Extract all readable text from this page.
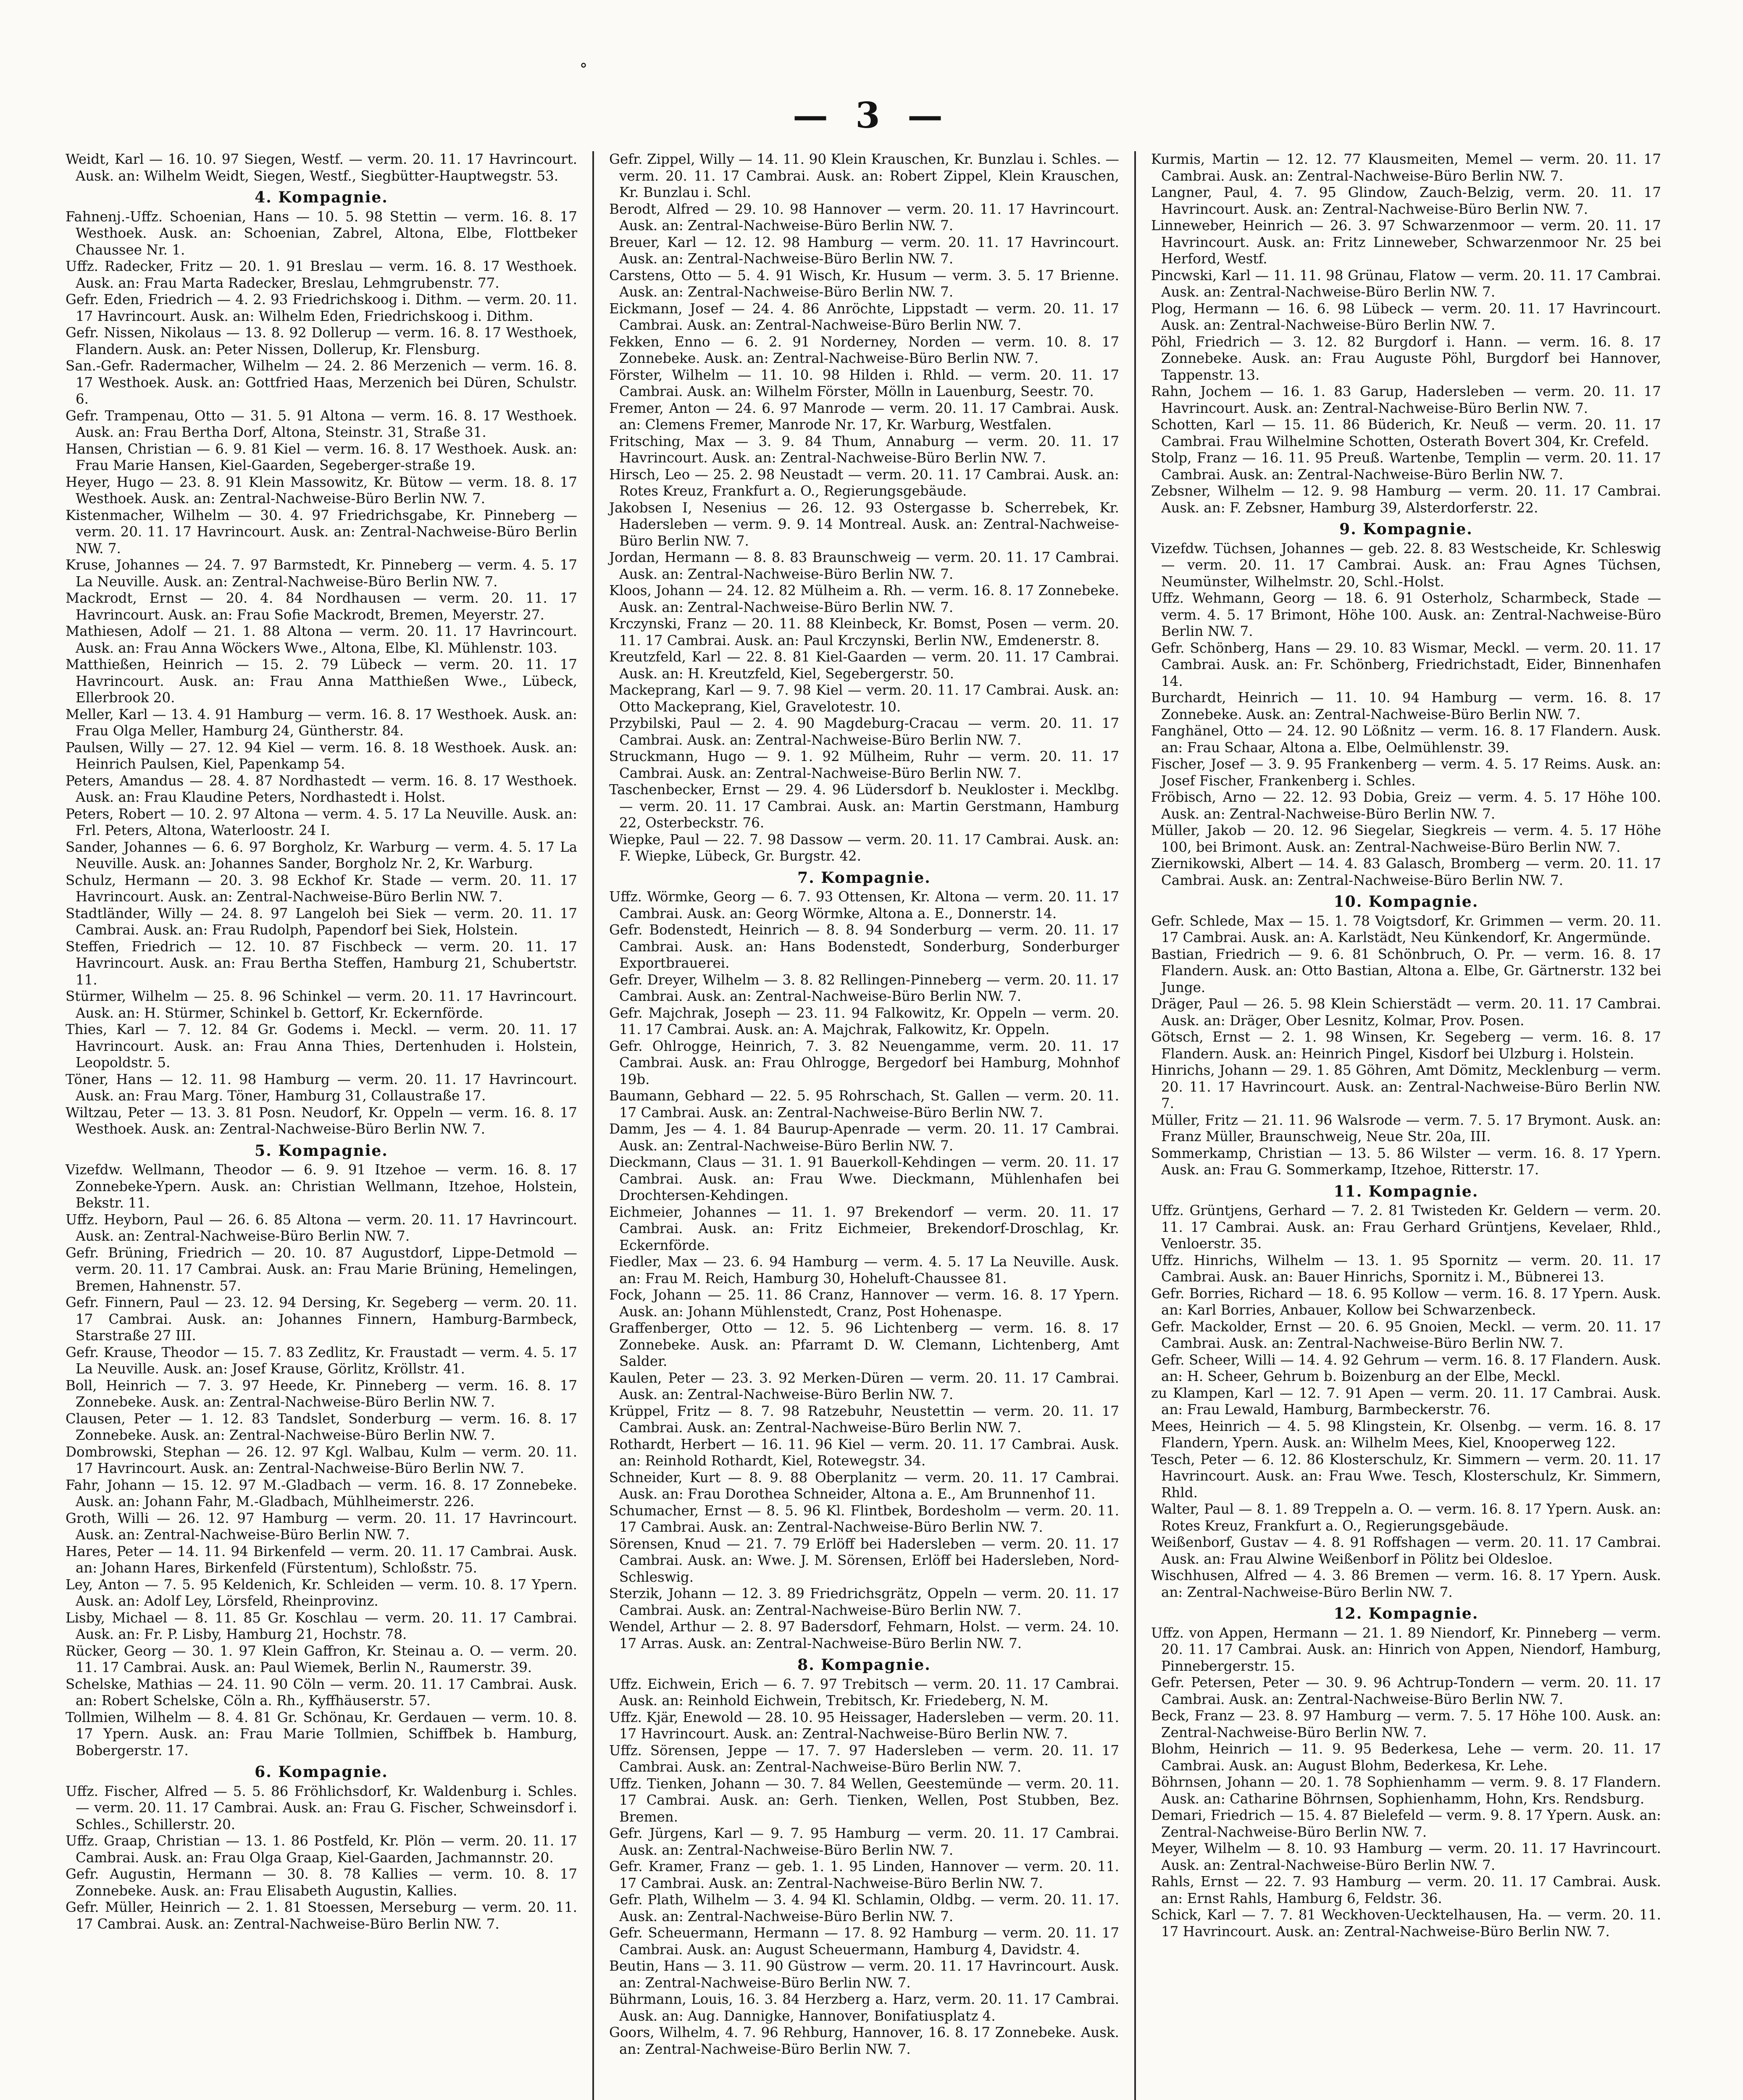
°
— 3 —

Weidt, Karl — 16. 10. 97 Siegen, Westf. — verm. 20. 11. 17 Havrincourt. Ausk. an: Wilhelm Weidt, Siegen, Westf., Siegbütter-Hauptwegstr. 53.

4. Kompagnie.

Fahnenj.-Uffz. Schoenian, Hans — 10. 5. 98 Stettin — verm. 16. 8. 17 Westhoek. Ausk. an: Schoenian, Zabrel, Altona, Elbe, Flottbeker Chaussee Nr. 1.

Uffz. Radecker, Fritz — 20. 1. 91 Breslau — verm. 16. 8. 17 Westhoek. Ausk. an: Frau Marta Radecker, Breslau, Lehmgrubenstr. 77.

Gefr. Eden, Friedrich — 4. 2. 93 Friedrichskoog i. Dithm. — verm. 20. 11. 17 Havrincourt. Ausk. an: Wilhelm Eden, Friedrichskoog i. Dithm.

Gefr. Nissen, Nikolaus — 13. 8. 92 Dollerup — verm. 16. 8. 17 Westhoek, Flandern. Ausk. an: Peter Nissen, Dollerup, Kr. Flensburg.

San.-Gefr. Radermacher, Wilhelm — 24. 2. 86 Merzenich — verm. 16. 8. 17 Westhoek. Ausk. an: Gottfried Haas, Merzenich bei Düren, Schulstr. 6.

Gefr. Trampenau, Otto — 31. 5. 91 Altona — verm. 16. 8. 17 Westhoek. Ausk. an: Frau Bertha Dorf, Altona, Steinstr. 31, Straße 31.

Hansen, Christian — 6. 9. 81 Kiel — verm. 16. 8. 17 Westhoek. Ausk. an: Frau Marie Hansen, Kiel-Gaarden, Segeberger-straße 19.

Heyer, Hugo — 23. 8. 91 Klein Massowitz, Kr. Bütow — verm. 18. 8. 17 Westhoek. Ausk. an: Zentral-Nachweise-Büro Berlin NW. 7.

Kistenmacher, Wilhelm — 30. 4. 97 Friedrichsgabe, Kr. Pinneberg — verm. 20. 11. 17 Havrincourt. Ausk. an: Zentral-Nachweise-Büro Berlin NW. 7.

Kruse, Johannes — 24. 7. 97 Barmstedt, Kr. Pinneberg — verm. 4. 5. 17 La Neuville. Ausk. an: Zentral-Nachweise-Büro Berlin NW. 7.

Mackrodt, Ernst — 20. 4. 84 Nordhausen — verm. 20. 11. 17 Havrincourt. Ausk. an: Frau Sofie Mackrodt, Bremen, Meyerstr. 27.

Mathiesen, Adolf — 21. 1. 88 Altona — verm. 20. 11. 17 Havrincourt. Ausk. an: Frau Anna Wöckers Wwe., Altona, Elbe, Kl. Mühlenstr. 103.

Matthießen, Heinrich — 15. 2. 79 Lübeck — verm. 20. 11. 17 Havrincourt. Ausk. an: Frau Anna Matthießen Wwe., Lübeck, Ellerbrook 20.

Meller, Karl — 13. 4. 91 Hamburg — verm. 16. 8. 17 Westhoek. Ausk. an: Frau Olga Meller, Hamburg 24, Güntherstr. 84.

Paulsen, Willy — 27. 12. 94 Kiel — verm. 16. 8. 18 Westhoek. Ausk. an: Heinrich Paulsen, Kiel, Papenkamp 54.

Peters, Amandus — 28. 4. 87 Nordhastedt — verm. 16. 8. 17 Westhoek. Ausk. an: Frau Klaudine Peters, Nordhastedt i. Holst.

Peters, Robert — 10. 2. 97 Altona — verm. 4. 5. 17 La Neuville. Ausk. an: Frl. Peters, Altona, Waterloostr. 24 I.

Sander, Johannes — 6. 6. 97 Borgholz, Kr. Warburg — verm. 4. 5. 17 La Neuville. Ausk. an: Johannes Sander, Borgholz Nr. 2, Kr. Warburg.

Schulz, Hermann — 20. 3. 98 Eckhof Kr. Stade — verm. 20. 11. 17 Havrincourt. Ausk. an: Zentral-Nachweise-Büro Berlin NW. 7.

Stadtländer, Willy — 24. 8. 97 Langeloh bei Siek — verm. 20. 11. 17 Cambrai. Ausk. an: Frau Rudolph, Papendorf bei Siek, Holstein.

Steffen, Friedrich — 12. 10. 87 Fischbeck — verm. 20. 11. 17 Havrincourt. Ausk. an: Frau Bertha Steffen, Hamburg 21, Schubertstr. 11.

Stürmer, Wilhelm — 25. 8. 96 Schinkel — verm. 20. 11. 17 Havrincourt. Ausk. an: H. Stürmer, Schinkel b. Gettorf, Kr. Eckernförde.

Thies, Karl — 7. 12. 84 Gr. Godems i. Meckl. — verm. 20. 11. 17 Havrincourt. Ausk. an: Frau Anna Thies, Dertenhuden i. Holstein, Leopoldstr. 5.

Töner, Hans — 12. 11. 98 Hamburg — verm. 20. 11. 17 Havrincourt. Ausk. an: Frau Marg. Töner, Hamburg 31, Collaustraße 17.

Wiltzau, Peter — 13. 3. 81 Posn. Neudorf, Kr. Oppeln — verm. 16. 8. 17 Westhoek. Ausk. an: Zentral-Nachweise-Büro Berlin NW. 7.

5. Kompagnie.

Vizefdw. Wellmann, Theodor — 6. 9. 91 Itzehoe — verm. 16. 8. 17 Zonnebeke-Ypern. Ausk. an: Christian Wellmann, Itzehoe, Holstein, Bekstr. 11.

Uffz. Heyborn, Paul — 26. 6. 85 Altona — verm. 20. 11. 17 Havrincourt. Ausk. an: Zentral-Nachweise-Büro Berlin NW. 7.

Gefr. Brüning, Friedrich — 20. 10. 87 Augustdorf, Lippe-Detmold — verm. 20. 11. 17 Cambrai. Ausk. an: Frau Marie Brüning, Hemelingen, Bremen, Hahnenstr. 57.

Gefr. Finnern, Paul — 23. 12. 94 Dersing, Kr. Segeberg — verm. 20. 11. 17 Cambrai. Ausk. an: Johannes Finnern, Hamburg-Barmbeck, Starstraße 27 III.

Gefr. Krause, Theodor — 15. 7. 83 Zedlitz, Kr. Fraustadt — verm. 4. 5. 17 La Neuville. Ausk. an: Josef Krause, Görlitz, Kröllstr. 41.

Boll, Heinrich — 7. 3. 97 Heede, Kr. Pinneberg — verm. 16. 8. 17 Zonnebeke. Ausk. an: Zentral-Nachweise-Büro Berlin NW. 7.

Clausen, Peter — 1. 12. 83 Tandslet, Sonderburg — verm. 16. 8. 17 Zonnebeke. Ausk. an: Zentral-Nachweise-Büro Berlin NW. 7.

Dombrowski, Stephan — 26. 12. 97 Kgl. Walbau, Kulm — verm. 20. 11. 17 Havrincourt. Ausk. an: Zentral-Nachweise-Büro Berlin NW. 7.

Fahr, Johann — 15. 12. 97 M.-Gladbach — verm. 16. 8. 17 Zonnebeke. Ausk. an: Johann Fahr, M.-Gladbach, Mühlheimerstr. 226.

Groth, Willi — 26. 12. 97 Hamburg — verm. 20. 11. 17 Havrincourt. Ausk. an: Zentral-Nachweise-Büro Berlin NW. 7.

Hares, Peter — 14. 11. 94 Birkenfeld — verm. 20. 11. 17 Cambrai. Ausk. an: Johann Hares, Birkenfeld (Fürstentum), Schloßstr. 75.

Ley, Anton — 7. 5. 95 Keldenich, Kr. Schleiden — verm. 10. 8. 17 Ypern. Ausk. an: Adolf Ley, Lörsfeld, Rheinprovinz.

Lisby, Michael — 8. 11. 85 Gr. Koschlau — verm. 20. 11. 17 Cambrai. Ausk. an: Fr. P. Lisby, Hamburg 21, Hochstr. 78.

Rücker, Georg — 30. 1. 97 Klein Gaffron, Kr. Steinau a. O. — verm. 20. 11. 17 Cambrai. Ausk. an: Paul Wiemek, Berlin N., Raumerstr. 39.

Schelske, Mathias — 24. 11. 90 Cöln — verm. 20. 11. 17 Cambrai. Ausk. an: Robert Schelske, Cöln a. Rh., Kyffhäuserstr. 57.

Tollmien, Wilhelm — 8. 4. 81 Gr. Schönau, Kr. Gerdauen — verm. 10. 8. 17 Ypern. Ausk. an: Frau Marie Tollmien, Schiffbek b. Hamburg, Bobergerstr. 17.

6. Kompagnie.

Uffz. Fischer, Alfred — 5. 5. 86 Fröhlichsdorf, Kr. Waldenburg i. Schles. — verm. 20. 11. 17 Cambrai. Ausk. an: Frau G. Fischer, Schweinsdorf i. Schles., Schillerstr. 20.

Uffz. Graap, Christian — 13. 1. 86 Postfeld, Kr. Plön — verm. 20. 11. 17 Cambrai. Ausk. an: Frau Olga Graap, Kiel-Gaarden, Jachmannstr. 20.

Gefr. Augustin, Hermann — 30. 8. 78 Kallies — verm. 10. 8. 17 Zonnebeke. Ausk. an: Frau Elisabeth Augustin, Kallies.

Gefr. Müller, Heinrich — 2. 1. 81 Stoessen, Merseburg — verm. 20. 11. 17 Cambrai. Ausk. an: Zentral-Nachweise-Büro Berlin NW. 7.

Gefr. Zippel, Willy — 14. 11. 90 Klein Krauschen, Kr. Bunzlau i. Schles. — verm. 20. 11. 17 Cambrai. Ausk. an: Robert Zippel, Klein Krauschen, Kr. Bunzlau i. Schl.

Berodt, Alfred — 29. 10. 98 Hannover — verm. 20. 11. 17 Havrincourt. Ausk. an: Zentral-Nachweise-Büro Berlin NW. 7.

Breuer, Karl — 12. 12. 98 Hamburg — verm. 20. 11. 17 Havrincourt. Ausk. an: Zentral-Nachweise-Büro Berlin NW. 7.

Carstens, Otto — 5. 4. 91 Wisch, Kr. Husum — verm. 3. 5. 17 Brienne. Ausk. an: Zentral-Nachweise-Büro Berlin NW. 7.

Eickmann, Josef — 24. 4. 86 Anröchte, Lippstadt — verm. 20. 11. 17 Cambrai. Ausk. an: Zentral-Nachweise-Büro Berlin NW. 7.

Fekken, Enno — 6. 2. 91 Norderney, Norden — verm. 10. 8. 17 Zonnebeke. Ausk. an: Zentral-Nachweise-Büro Berlin NW. 7.

Förster, Wilhelm — 11. 10. 98 Hilden i. Rhld. — verm. 20. 11. 17 Cambrai. Ausk. an: Wilhelm Förster, Mölln in Lauenburg, Seestr. 70.

Fremer, Anton — 24. 6. 97 Manrode — verm. 20. 11. 17 Cambrai. Ausk. an: Clemens Fremer, Manrode Nr. 17, Kr. Warburg, Westfalen.

Fritsching, Max — 3. 9. 84 Thum, Annaburg — verm. 20. 11. 17 Havrincourt. Ausk. an: Zentral-Nachweise-Büro Berlin NW. 7.

Hirsch, Leo — 25. 2. 98 Neustadt — verm. 20. 11. 17 Cambrai. Ausk. an: Rotes Kreuz, Frankfurt a. O., Regierungsgebäude.

Jakobsen I, Nesenius — 26. 12. 93 Ostergasse b. Scherrebek, Kr. Hadersleben — verm. 9. 9. 14 Montreal. Ausk. an: Zentral-Nachweise-Büro Berlin NW. 7.

Jordan, Hermann — 8. 8. 83 Braunschweig — verm. 20. 11. 17 Cambrai. Ausk. an: Zentral-Nachweise-Büro Berlin NW. 7.

Kloos, Johann — 24. 12. 82 Mülheim a. Rh. — verm. 16. 8. 17 Zonnebeke. Ausk. an: Zentral-Nachweise-Büro Berlin NW. 7.

Krczynski, Franz — 20. 11. 88 Kleinbeck, Kr. Bomst, Posen — verm. 20. 11. 17 Cambrai. Ausk. an: Paul Krczynski, Berlin NW., Emdenerstr. 8.

Kreutzfeld, Karl — 22. 8. 81 Kiel-Gaarden — verm. 20. 11. 17 Cambrai. Ausk. an: H. Kreutzfeld, Kiel, Segebergerstr. 50.

Mackeprang, Karl — 9. 7. 98 Kiel — verm. 20. 11. 17 Cambrai. Ausk. an: Otto Mackeprang, Kiel, Gravelotestr. 10.

Przybilski, Paul — 2. 4. 90 Magdeburg-Cracau — verm. 20. 11. 17 Cambrai. Ausk. an: Zentral-Nachweise-Büro Berlin NW. 7.

Struckmann, Hugo — 9. 1. 92 Mülheim, Ruhr — verm. 20. 11. 17 Cambrai. Ausk. an: Zentral-Nachweise-Büro Berlin NW. 7.

Taschenbecker, Ernst — 29. 4. 96 Lüdersdorf b. Neukloster i. Mecklbg. — verm. 20. 11. 17 Cambrai. Ausk. an: Martin Gerstmann, Hamburg 22, Osterbeckstr. 76.

Wiepke, Paul — 22. 7. 98 Dassow — verm. 20. 11. 17 Cambrai. Ausk. an: F. Wiepke, Lübeck, Gr. Burgstr. 42.

7. Kompagnie.

Uffz. Wörmke, Georg — 6. 7. 93 Ottensen, Kr. Altona — verm. 20. 11. 17 Cambrai. Ausk. an: Georg Wörmke, Altona a. E., Donnerstr. 14.

Gefr. Bodenstedt, Heinrich — 8. 8. 94 Sonderburg — verm. 20. 11. 17 Cambrai. Ausk. an: Hans Bodenstedt, Sonderburg, Sonderburger Exportbrauerei.

Gefr. Dreyer, Wilhelm — 3. 8. 82 Rellingen-Pinneberg — verm. 20. 11. 17 Cambrai. Ausk. an: Zentral-Nachweise-Büro Berlin NW. 7.

Gefr. Majchrak, Joseph — 23. 11. 94 Falkowitz, Kr. Oppeln — verm. 20. 11. 17 Cambrai. Ausk. an: A. Majchrak, Falkowitz, Kr. Oppeln.

Gefr. Ohlrogge, Heinrich, 7. 3. 82 Neuengamme, verm. 20. 11. 17 Cambrai. Ausk. an: Frau Ohlrogge, Bergedorf bei Hamburg, Mohnhof 19b.

Baumann, Gebhard — 22. 5. 95 Rohrschach, St. Gallen — verm. 20. 11. 17 Cambrai. Ausk. an: Zentral-Nachweise-Büro Berlin NW. 7.

Damm, Jes — 4. 1. 84 Baurup-Apenrade — verm. 20. 11. 17 Cambrai. Ausk. an: Zentral-Nachweise-Büro Berlin NW. 7.

Dieckmann, Claus — 31. 1. 91 Bauerkoll-Kehdingen — verm. 20. 11. 17 Cambrai. Ausk. an: Frau Wwe. Dieckmann, Mühlenhafen bei Drochtersen-Kehdingen.

Eichmeier, Johannes — 11. 1. 97 Brekendorf — verm. 20. 11. 17 Cambrai. Ausk. an: Fritz Eichmeier, Brekendorf-Droschlag, Kr. Eckernförde.

Fiedler, Max — 23. 6. 94 Hamburg — verm. 4. 5. 17 La Neuville. Ausk. an: Frau M. Reich, Hamburg 30, Hoheluft-Chaussee 81.

Fock, Johann — 25. 11. 86 Cranz, Hannover — verm. 16. 8. 17 Ypern. Ausk. an: Johann Mühlenstedt, Cranz, Post Hohenaspe.

Graffenberger, Otto — 12. 5. 96 Lichtenberg — verm. 16. 8. 17 Zonnebeke. Ausk. an: Pfarramt D. W. Clemann, Lichtenberg, Amt Salder.

Kaulen, Peter — 23. 3. 92 Merken-Düren — verm. 20. 11. 17 Cambrai. Ausk. an: Zentral-Nachweise-Büro Berlin NW. 7.

Krüppel, Fritz — 8. 7. 98 Ratzebuhr, Neustettin — verm. 20. 11. 17 Cambrai. Ausk. an: Zentral-Nachweise-Büro Berlin NW. 7.

Rothardt, Herbert — 16. 11. 96 Kiel — verm. 20. 11. 17 Cambrai. Ausk. an: Reinhold Rothardt, Kiel, Rotewegstr. 34.

Schneider, Kurt — 8. 9. 88 Oberplanitz — verm. 20. 11. 17 Cambrai. Ausk. an: Frau Dorothea Schneider, Altona a. E., Am Brunnenhof 11.

Schumacher, Ernst — 8. 5. 96 Kl. Flintbek, Bordesholm — verm. 20. 11. 17 Cambrai. Ausk. an: Zentral-Nachweise-Büro Berlin NW. 7.

Sörensen, Knud — 21. 7. 79 Erlöff bei Hadersleben — verm. 20. 11. 17 Cambrai. Ausk. an: Wwe. J. M. Sörensen, Erlöff bei Hadersleben, Nord-Schleswig.

Sterzik, Johann — 12. 3. 89 Friedrichsgrätz, Oppeln — verm. 20. 11. 17 Cambrai. Ausk. an: Zentral-Nachweise-Büro Berlin NW. 7.

Wendel, Arthur — 2. 8. 97 Badersdorf, Fehmarn, Holst. — verm. 24. 10. 17 Arras. Ausk. an: Zentral-Nachweise-Büro Berlin NW. 7.

8. Kompagnie.

Uffz. Eichwein, Erich — 6. 7. 97 Trebitsch — verm. 20. 11. 17 Cambrai. Ausk. an: Reinhold Eichwein, Trebitsch, Kr. Friedeberg, N. M.

Uffz. Kjär, Enewold — 28. 10. 95 Heissager, Hadersleben — verm. 20. 11. 17 Havrincourt. Ausk. an: Zentral-Nachweise-Büro Berlin NW. 7.

Uffz. Sörensen, Jeppe — 17. 7. 97 Hadersleben — verm. 20. 11. 17 Cambrai. Ausk. an: Zentral-Nachweise-Büro Berlin NW. 7.

Uffz. Tienken, Johann — 30. 7. 84 Wellen, Geestemünde — verm. 20. 11. 17 Cambrai. Ausk. an: Gerh. Tienken, Wellen, Post Stubben, Bez. Bremen.

Gefr. Jürgens, Karl — 9. 7. 95 Hamburg — verm. 20. 11. 17 Cambrai. Ausk. an: Zentral-Nachweise-Büro Berlin NW. 7.

Gefr. Kramer, Franz — geb. 1. 1. 95 Linden, Hannover — verm. 20. 11. 17 Cambrai. Ausk. an: Zentral-Nachweise-Büro Berlin NW. 7.

Gefr. Plath, Wilhelm — 3. 4. 94 Kl. Schlamin, Oldbg. — verm. 20. 11. 17. Ausk. an: Zentral-Nachweise-Büro Berlin NW. 7.

Gefr. Scheuermann, Hermann — 17. 8. 92 Hamburg — verm. 20. 11. 17 Cambrai. Ausk. an: August Scheuermann, Hamburg 4, Davidstr. 4.

Beutin, Hans — 3. 11. 90 Güstrow — verm. 20. 11. 17 Havrincourt. Ausk. an: Zentral-Nachweise-Büro Berlin NW. 7.

Bührmann, Louis, 16. 3. 84 Herzberg a. Harz, verm. 20. 11. 17 Cambrai. Ausk. an: Aug. Dannigke, Hannover, Bonifatiusplatz 4.

Goors, Wilhelm, 4. 7. 96 Rehburg, Hannover, 16. 8. 17 Zonnebeke. Ausk. an: Zentral-Nachweise-Büro Berlin NW. 7.

Kurmis, Martin — 12. 12. 77 Klausmeiten, Memel — verm. 20. 11. 17 Cambrai. Ausk. an: Zentral-Nachweise-Büro Berlin NW. 7.

Langner, Paul, 4. 7. 95 Glindow, Zauch-Belzig, verm. 20. 11. 17 Havrincourt. Ausk. an: Zentral-Nachweise-Büro Berlin NW. 7.

Linneweber, Heinrich — 26. 3. 97 Schwarzenmoor — verm. 20. 11. 17 Havrincourt. Ausk. an: Fritz Linneweber, Schwarzenmoor Nr. 25 bei Herford, Westf.

Pincwski, Karl — 11. 11. 98 Grünau, Flatow — verm. 20. 11. 17 Cambrai. Ausk. an: Zentral-Nachweise-Büro Berlin NW. 7.

Plog, Hermann — 16. 6. 98 Lübeck — verm. 20. 11. 17 Havrincourt. Ausk. an: Zentral-Nachweise-Büro Berlin NW. 7.

Pöhl, Friedrich — 3. 12. 82 Burgdorf i. Hann. — verm. 16. 8. 17 Zonnebeke. Ausk. an: Frau Auguste Pöhl, Burgdorf bei Hannover, Tappenstr. 13.

Rahn, Jochem — 16. 1. 83 Garup, Hadersleben — verm. 20. 11. 17 Havrincourt. Ausk. an: Zentral-Nachweise-Büro Berlin NW. 7.

Schotten, Karl — 15. 11. 86 Büderich, Kr. Neuß — verm. 20. 11. 17 Cambrai. Frau Wilhelmine Schotten, Osterath Bovert 304, Kr. Crefeld.

Stolp, Franz — 16. 11. 95 Preuß. Wartenbe, Templin — verm. 20. 11. 17 Cambrai. Ausk. an: Zentral-Nachweise-Büro Berlin NW. 7.

Zebsner, Wilhelm — 12. 9. 98 Hamburg — verm. 20. 11. 17 Cambrai. Ausk. an: F. Zebsner, Hamburg 39, Alsterdorferstr. 22.

9. Kompagnie.

Vizefdw. Tüchsen, Johannes — geb. 22. 8. 83 Westscheide, Kr. Schleswig — verm. 20. 11. 17 Cambrai. Ausk. an: Frau Agnes Tüchsen, Neumünster, Wilhelmstr. 20, Schl.-Holst.

Uffz. Wehmann, Georg — 18. 6. 91 Osterholz, Scharmbeck, Stade — verm. 4. 5. 17 Brimont, Höhe 100. Ausk. an: Zentral-Nachweise-Büro Berlin NW. 7.

Gefr. Schönberg, Hans — 29. 10. 83 Wismar, Meckl. — verm. 20. 11. 17 Cambrai. Ausk. an: Fr. Schönberg, Friedrichstadt, Eider, Binnenhafen 14.

Burchardt, Heinrich — 11. 10. 94 Hamburg — verm. 16. 8. 17 Zonnebeke. Ausk. an: Zentral-Nachweise-Büro Berlin NW. 7.

Fanghänel, Otto — 24. 12. 90 Lößnitz — verm. 16. 8. 17 Flandern. Ausk. an: Frau Schaar, Altona a. Elbe, Oelmühlenstr. 39.

Fischer, Josef — 3. 9. 95 Frankenberg — verm. 4. 5. 17 Reims. Ausk. an: Josef Fischer, Frankenberg i. Schles.

Fröbisch, Arno — 22. 12. 93 Dobia, Greiz — verm. 4. 5. 17 Höhe 100. Ausk. an: Zentral-Nachweise-Büro Berlin NW. 7.

Müller, Jakob — 20. 12. 96 Siegelar, Siegkreis — verm. 4. 5. 17 Höhe 100, bei Brimont. Ausk. an: Zentral-Nachweise-Büro Berlin NW. 7.

Ziernikowski, Albert — 14. 4. 83 Galasch, Bromberg — verm. 20. 11. 17 Cambrai. Ausk. an: Zentral-Nachweise-Büro Berlin NW. 7.

10. Kompagnie.

Gefr. Schlede, Max — 15. 1. 78 Voigtsdorf, Kr. Grimmen — verm. 20. 11. 17 Cambrai. Ausk. an: A. Karlstädt, Neu Künkendorf, Kr. Angermünde.

Bastian, Friedrich — 9. 6. 81 Schönbruch, O. Pr. — verm. 16. 8. 17 Flandern. Ausk. an: Otto Bastian, Altona a. Elbe, Gr. Gärtnerstr. 132 bei Junge.

Dräger, Paul — 26. 5. 98 Klein Schierstädt — verm. 20. 11. 17 Cambrai. Ausk. an: Dräger, Ober Lesnitz, Kolmar, Prov. Posen.

Götsch, Ernst — 2. 1. 98 Winsen, Kr. Segeberg — verm. 16. 8. 17 Flandern. Ausk. an: Heinrich Pingel, Kisdorf bei Ulzburg i. Holstein.

Hinrichs, Johann — 29. 1. 85 Göhren, Amt Dömitz, Mecklenburg — verm. 20. 11. 17 Havrincourt. Ausk. an: Zentral-Nachweise-Büro Berlin NW. 7.

Müller, Fritz — 21. 11. 96 Walsrode — verm. 7. 5. 17 Brymont. Ausk. an: Franz Müller, Braunschweig, Neue Str. 20a, III.

Sommerkamp, Christian — 13. 5. 86 Wilster — verm. 16. 8. 17 Ypern. Ausk. an: Frau G. Sommerkamp, Itzehoe, Ritterstr. 17.

11. Kompagnie.

Uffz. Grüntjens, Gerhard — 7. 2. 81 Twisteden Kr. Geldern — verm. 20. 11. 17 Cambrai. Ausk. an: Frau Gerhard Grüntjens, Kevelaer, Rhld., Venloerstr. 35.

Uffz. Hinrichs, Wilhelm — 13. 1. 95 Spornitz — verm. 20. 11. 17 Cambrai. Ausk. an: Bauer Hinrichs, Spornitz i. M., Bübnerei 13.

Gefr. Borries, Richard — 18. 6. 95 Kollow — verm. 16. 8. 17 Ypern. Ausk. an: Karl Borries, Anbauer, Kollow bei Schwarzenbeck.

Gefr. Mackolder, Ernst — 20. 6. 95 Gnoien, Meckl. — verm. 20. 11. 17 Cambrai. Ausk. an: Zentral-Nachweise-Büro Berlin NW. 7.

Gefr. Scheer, Willi — 14. 4. 92 Gehrum — verm. 16. 8. 17 Flandern. Ausk. an: H. Scheer, Gehrum b. Boizenburg an der Elbe, Meckl.

zu Klampen, Karl — 12. 7. 91 Apen — verm. 20. 11. 17 Cambrai. Ausk. an: Frau Lewald, Hamburg, Barmbeckerstr. 76.

Mees, Heinrich — 4. 5. 98 Klingstein, Kr. Olsenbg. — verm. 16. 8. 17 Flandern, Ypern. Ausk. an: Wilhelm Mees, Kiel, Knooperweg 122.

Tesch, Peter — 6. 12. 86 Klosterschulz, Kr. Simmern — verm. 20. 11. 17 Havrincourt. Ausk. an: Frau Wwe. Tesch, Klosterschulz, Kr. Simmern, Rhld.

Walter, Paul — 8. 1. 89 Treppeln a. O. — verm. 16. 8. 17 Ypern. Ausk. an: Rotes Kreuz, Frankfurt a. O., Regierungsgebäude.

Weißenborf, Gustav — 4. 8. 91 Roffshagen — verm. 20. 11. 17 Cambrai. Ausk. an: Frau Alwine Weißenborf in Pölitz bei Oldesloe.

Wischhusen, Alfred — 4. 3. 86 Bremen — verm. 16. 8. 17 Ypern. Ausk. an: Zentral-Nachweise-Büro Berlin NW. 7.

12. Kompagnie.

Uffz. von Appen, Hermann — 21. 1. 89 Niendorf, Kr. Pinneberg — verm. 20. 11. 17 Cambrai. Ausk. an: Hinrich von Appen, Niendorf, Hamburg, Pinnebergerstr. 15.

Gefr. Petersen, Peter — 30. 9. 96 Achtrup-Tondern — verm. 20. 11. 17 Cambrai. Ausk. an: Zentral-Nachweise-Büro Berlin NW. 7.

Beck, Franz — 23. 8. 97 Hamburg — verm. 7. 5. 17 Höhe 100. Ausk. an: Zentral-Nachweise-Büro Berlin NW. 7.

Blohm, Heinrich — 11. 9. 95 Bederkesa, Lehe — verm. 20. 11. 17 Cambrai. Ausk. an: August Blohm, Bederkesa, Kr. Lehe.

Böhrnsen, Johann — 20. 1. 78 Sophienhamm — verm. 9. 8. 17 Flandern. Ausk. an: Catharine Böhrnsen, Sophienhamm, Hohn, Krs. Rendsburg.

Demari, Friedrich — 15. 4. 87 Bielefeld — verm. 9. 8. 17 Ypern. Ausk. an: Zentral-Nachweise-Büro Berlin NW. 7.

Meyer, Wilhelm — 8. 10. 93 Hamburg — verm. 20. 11. 17 Havrincourt. Ausk. an: Zentral-Nachweise-Büro Berlin NW. 7.

Rahls, Ernst — 22. 7. 93 Hamburg — verm. 20. 11. 17 Cambrai. Ausk. an: Ernst Rahls, Hamburg 6, Feldstr. 36.

Schick, Karl — 7. 7. 81 Weckhoven-Uecktelhausen, Ha. — verm. 20. 11. 17 Havrincourt. Ausk. an: Zentral-Nachweise-Büro Berlin NW. 7.
